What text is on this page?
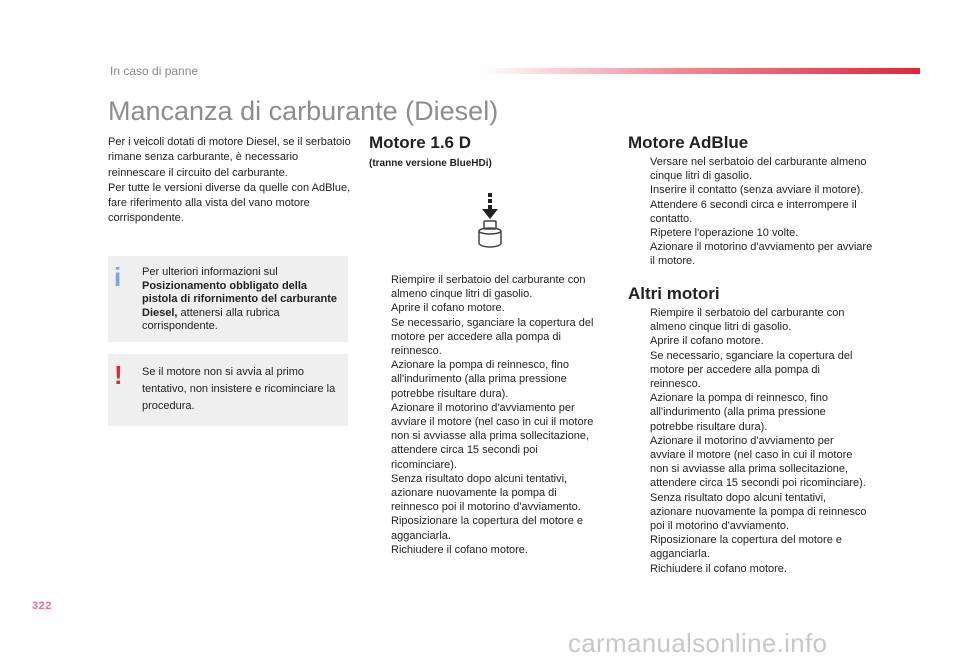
In caso di panne
Mancanza di carburante (Diesel)

Per i veicoli dotati di motore Diesel, se il serbatoio rimane senza carburante, è necessario reinnescare il circuito del carburante.

Per tutte le versioni diverse da quelle con AdBlue, fare riferimento alla vista del vano motore corrispondente.

i Per ulteriori informazioni sul Posizionamento obbligato della pistola di rifornimento del carburante Diesel, attenersi alla rubrica corrispondente.
! Se il motore non si avvia al primo tentativo, non insistere e ricominciare la procedura.
Motore 1.6 D
(tranne versione BlueHDi)
Riempire il serbatoio del carburante con almeno cinque litri di gasolio.
Aprire il cofano motore.
Se necessario, sganciare la copertura del motore per accedere alla pompa di reinnesco.
Azionare la pompa di reinnesco, fino all'indurimento (alla prima pressione potrebbe risultare dura).
Azionare il motorino d'avviamento per avviare il motore (nel caso in cui il motore non si avviasse alla prima sollecitazione, attendere circa 15 secondi poi ricominciare).
Senza risultato dopo alcuni tentativi, azionare nuovamente la pompa di reinnesco poi il motorino d'avviamento.
Riposizionare la copertura del motore e agganciarla.
Richiudere il cofano motore.
Motore AdBlue
Versare nel serbatoio del carburante almeno cinque litri di gasolio.
Inserire il contatto (senza avviare il motore).
Attendere 6 secondi circa e interrompere il contatto.
Ripetere l'operazione 10 volte.
Azionare il motorino d'avviamento per avviare il motore.
Altri motori
Riempire il serbatoio del carburante con almeno cinque litri di gasolio.
Aprire il cofano motore.
Se necessario, sganciare la copertura del motore per accedere alla pompa di reinnesco.
Azionare la pompa di reinnesco, fino all'indurimento (alla prima pressione potrebbe risultare dura).
Azionare il motorino d'avviamento per avviare il motore (nel caso in cui il motore non si avviasse alla prima sollecitazione, attendere circa 15 secondi poi ricominciare).
Senza risultato dopo alcuni tentativi, azionare nuovamente la pompa di reinnesco poi il motorino d'avviamento.
Riposizionare la copertura del motore e agganciarla.
Richiudere il cofano motore.
322
carmanualsonline.info
